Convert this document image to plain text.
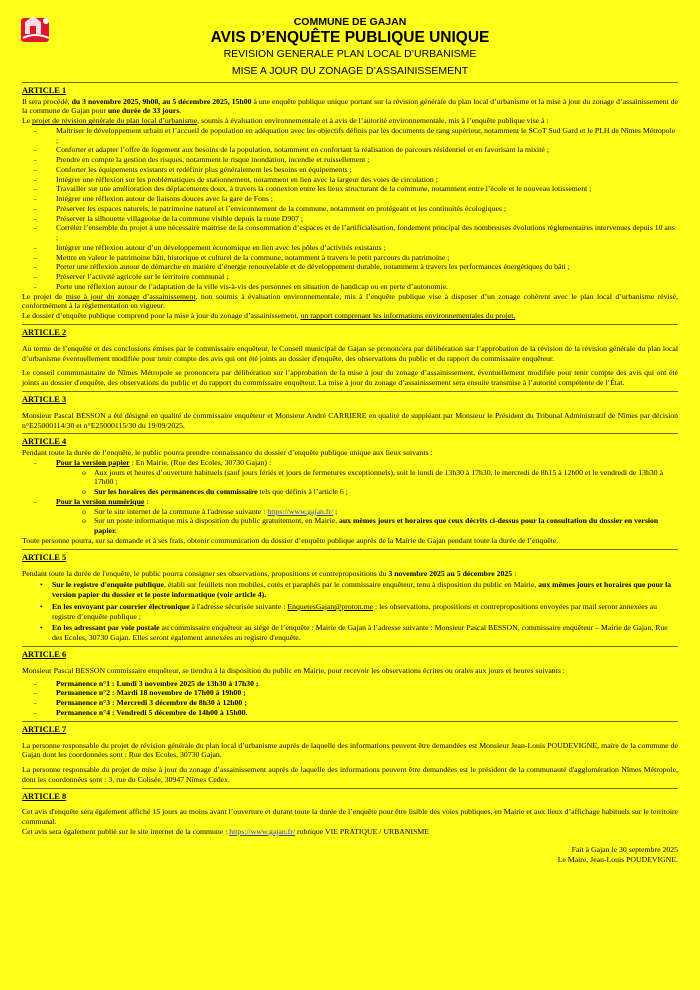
COMMUNE DE GAJAN
AVIS D’ENQUÊTE PUBLIQUE UNIQUE
REVISION GENERALE PLAN LOCAL D’URBANISME
MISE A JOUR DU ZONAGE D’ASSAINISSEMENT
ARTICLE 1

Il sera procédé, du 3 novembre 2025, 9h00, au 5 décembre 2025, 15h00 à une enquête publique unique portant sur la révision générale du plan local d’urbanisme et la mise à jour du zonage d’assainissement de la commune de Gajan pour une durée de 33 jours.

Le projet de révision générale du plan local d’urbanisme, soumis à évaluation environnementale et à avis de l’autorité environnementale, mis à l’enquête publique vise à :

-	Maitriser le développement urbain et l’accueil de population en adéquation avec les objectifs définis par les documents de rang supérieur, notamment le SCoT Sud Gard et le PLH de Nîmes Métropole ;
-	Conforter et adapter l’offre de logement aux besoins de la population, notamment en confortant la réalisation de parcours résidentiel et en favorisant la mixité ;
-	Prendre en compte la gestion des risques, notamment le risque inondation, incendie et ruissellement ;
-	Conforter les équipements existants et redéfinir plus généralement les besoins en équipements ;
-	Intégrer une réflexion sur les problématiques de stationnement, notamment en lien avec la largeur des voies de circulation ;
-	Travailler sur une amélioration des déplacements doux, à travers la connexion entre les lieux structurant de la commune, notamment entre l’école et le nouveau lotissement ;
-	Intégrer une réflexion autour de liaisons douces avec la gare de Fons ;
-	Préserver les espaces naturels, le patrimoine naturel et l’environnement de la commune, notamment en protégeant et les continuités écologiques ;
-	Préserver la silhouette villageoise de la commune visible depuis la route D907 ;
-	Corréler l’ensemble du projet à une nécessaire maitrise de la consommation d’espaces et de l’artificialisation, fondement principal des nombreuses évolutions règlementaires intervenues depuis 10 ans ;
-	Intégrer une réflexion autour d’un développement économique en lien avec les pôles d’activités existants ;
-	Mettre en valeur le patrimoine bâti, historique et culturel de la commune, notamment à travers le petit parcours du patrimoine ;
-	Porter une réflexion autour de démarche en matière d’énergie renouvelable et de développement durable, notamment à travers les performances énergétiques du bâti ;
-	Préserver l’activité agricole sur le territoire communal ;
-	Porte une réflexion autour de l’adaptation de la ville vis-à-vis des personnes en situation de handicap ou en perte d’autonomie.

Le projet de mise à jour du zonage d’assainissement, non soumis à évaluation environnementale, mis à l’enquête publique vise à disposer d’un zonage cohérent avec le plan local d’urbanisme révisé, conformément à la règlementation en vigueur.

Le dossier d’enquête publique comprend pour la mise à jour du zonage d’assainissement, un rapport comprenant les informations environnementales du projet.

ARTICLE 2

Au terme de l’enquête et des conclusions émises par le commissaire enquêteur, le Conseil municipal de Gajan se prononcera par délibération sur l’approbation de la révision de la révision générale du plan local d’urbanisme éventuellement modifiée pour tenir compte des avis qui ont été joints au dossier d'enquête, des observations du public et du rapport du commissaire enquêteur.

Le conseil communautaire de Nîmes Métropole se prononcera par délibération sur l’approbation de la mise à jour du zonage d’assainissement, éventuellement modifiée pour tenir compte des avis qui ont été joints au dossier d'enquête, des observations du public et du rapport du commissaire enquêteur. La mise à jour du zonage d’assainissement sera ensuite transmise à l’autorité compétente de l’État.

ARTICLE 3

Monsieur Pascal BESSON a été désigné en qualité de commissaire enquêteur et Monsieur André CARRIERE en qualité de suppléant par Monsieur le Président du Tribunal Administratif de Nîmes par décision n°E25000114/30 et n°E25000115/30 du 19/09/2025.

ARTICLE 4

Pendant toute la durée de l’enquête, le public pourra prendre connaissance du dossier d’enquête publique unique aux lieux suivants :

-	Pour la version papier : En Mairie, (Rue des Ecoles, 30730 Gajan) :
o Aux jours et heures d’ouverture habituels (sauf jours fériés et jours de fermetures exceptionnels), soit le lundi de 13h30 à 17h30, le mercredi de 8h15 à 12h00 et le vendredi de 13h30 à 17h00 ;
o Sur les horaires des permanences du commissaire tels que définis à l’article 6 ;
-	Pour la version numérique :
o Sur le site internet de la commune à l'adresse suivante : https://www.gajan.fr/ ;
o Sur un poste informatique mis à disposition du public gratuitement, en Mairie, aux mêmes jours et horaires que ceux décrits ci-dessus pour la consultation du dossier en version papier.

Toute personne pourra, sur sa demande et à ses frais, obtenir communication du dossier d’enquête publique auprès de la Mairie de Gajan pendant toute la durée de l’enquête.

ARTICLE 5

Pendant toute la durée de l'enquête, le public pourra consigner ses observations, propositions et contrepropositions du 3 novembre 2025 au 5 décembre 2025 :

• Sur le registre d'enquête publique, établi sur feuillets non mobiles, cotés et paraphés par le commissaire enquêteur, tenu à disposition du public en Mairie, aux mêmes jours et horaires que pour la version papier du dossier et le poste informatique (voir article 4).
• En les envoyant par courrier électronique à l'adresse sécurisée suivante : EnquetesGajan@proton.me : les observations, propositions et contrepropositions envoyées par mail seront annexées au registre d’enquête publique ;
• En les adressant par voie postale au commissaire enquêteur au siège de l’enquête : Mairie de Gajan à l’adresse suivante : Monsieur Pascal BESSON, commissaire enquêteur – Mairie de Gajan, Rue des Ecoles, 30730 Gajan. Elles seront également annexées au registre d'enquête.
ARTICLE 6

Monsieur Pascal BESSON commissaire enquêteur, se tiendra à la disposition du public en Mairie, pour recevoir les observations écrites ou orales aux jours et heures suivants :

-	Permanence n°1 : Lundi 3 novembre 2025 de 13h30 à 17h30 ;
-	Permanence n°2 : Mardi 18 novembre de 17h00 à 19h00 ;
-	Permanence n°3 : Mercredi 3 décembre de 8h30 à 12h00 ;
-	Permanence n°4 : Vendredi 5 décembre de 14h00 à 15h00.
ARTICLE 7

La personne responsable du projet de révision générale du plan local d’urbanisme auprès de laquelle des informations peuvent être demandées est Monsieur Jean-Louis POUDEVIGNE, maire de la commune de Gajan dont les coordonnées sont : Rue des Ecoles, 30730 Gajan.

La personne responsable du projet de mise à jour du zonage d’assainissement auprès de laquelle des informations peuvent être demandées est le président de la communauté d'agglomération Nîmes Métropole, dont les coordonnées sont : 3, rue du Colisée, 30947 Nîmes Cedex.

ARTICLE 8

Cet avis d'enquête sera également affiché 15 jours au moins avant l’ouverture et durant toute la durée de l’enquête pour être lisible des voies publiques, en Mairie et aux lieux d’affichage habituels sur le territoire communal.

Cet avis sera également publié sur le site internet de la commune : https://www.gajan.fr/ rubrique VIE PRATIQUE / URBANISME

Fait à Gajan le 30 septembre 2025
Le Maire, Jean-Louis POUDEVIGNE.
